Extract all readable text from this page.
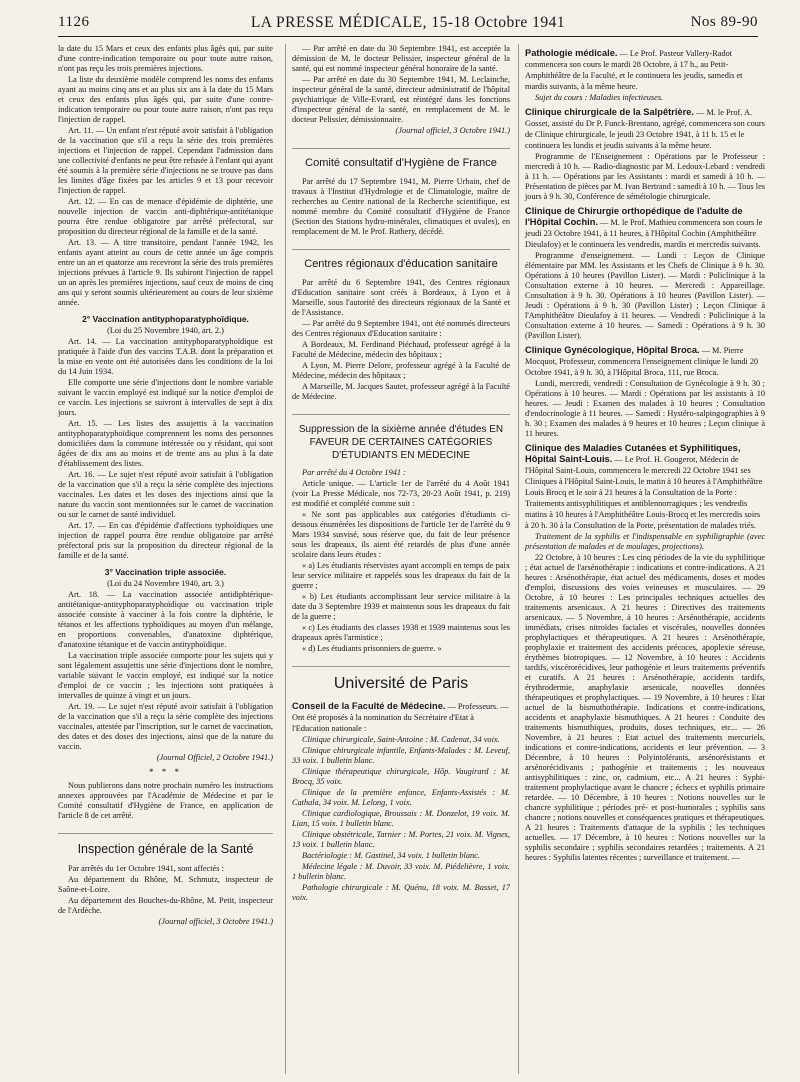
1126	LA PRESSE MÉDICALE, 15-18 Octobre 1941	Nos 89-90

la date du 15 Mars et ceux des enfants plus âgés qui, par suite d'une contre-indication temporaire ou pour toute autre raison, n'ont pas reçu les trois premières injections.

La liste du deuxième modèle comprend les noms des enfants ayant au moins cinq ans et au plus six ans à la date du 15 Mars et ceux des enfants plus âgés qui, par suite d'une contre-indication temporaire ou pour toute autre raison, n'ont pas reçu l'injection de rappel.

Art. 11. — Un enfant n'est réputé avoir satisfait à l'obligation de la vaccination que s'il a reçu la série des trois premières injections et l'injection de rappel. Cependant l'admission dans une collectivité d'enfants ne peut être refusée à l'enfant qui ayant été soumis à la première série d'injections ne se trouve pas dans les limites d'âge fixées par les articles 9 et 13 pour recevoir l'injection de rappel.

Art. 12. — En cas de menace d'épidémie de diphtérie, une nouvelle injection de vaccin anti-diphtérique-antitétanique pourra être rendue obligatoire par arrêté préfectoral, sur proposition du directeur régional de la famille et de la santé.

Art. 13. — A titre transitoire, pendant l'année 1942, les enfants ayant atteint au cours de cette année un âge compris entre un an et quatorze ans recevront la série des trois premières injections prévues à l'article 9. Ils subiront l'injection de rappel un an après les premières injections, sauf ceux de moins de cinq ans qui y seront soumis ultérieurement au cours de leur sixième année.

2° Vaccination antityphoparatyphoïdique.

(Loi du 25 Novembre 1940, art. 2.)

Art. 14. — La vaccination antityphoparatyphoïdique est pratiquée à l'aide d'un des vaccins T.A.B. dont la préparation et la mise en vente ont été autorisées dans les conditions de la loi du 14 Juin 1934.

Elle comporte une série d'injections dont le nombre variable suivant le vaccin employé est indiqué sur la notice d'emploi de ce vaccin. Les injections se suivront à intervalles de sept à dix jours.

Art. 15. — Les listes des assujettis à la vaccination antityphoparatyphoïdique comprennent les noms des personnes domiciliées dans la commune intéressée ou y résidant, qui sont âgées de dix ans au moins et de trente ans au plus à la date d'établissement des listes.

Art. 16. — Le sujet n'est réputé avoir satisfait à l'obligation de la vaccination que s'il a reçu la série complète des injections vaccinales. Les dates et les doses des injections ainsi que la nature du vaccin sont mentionnées sur le carnet de vaccination ou sur le carnet de santé individuel.

Art. 17. — En cas d'épidémie d'affections typhoïdiques une injection de rappel pourra être rendue obligatoire par arrêté préfectoral pris sur la proposition du directeur régional de la famille et de la santé.

3° Vaccination triple associée.

(Loi du 24 Novembre 1940, art. 3.)

Art. 18. — La vaccination associée antidiphtérique-antitétanique-antityphoparatyphoïdique ou vaccination triple associée consiste à vacciner à la fois contre la diphtérie, le tétanos et les affections typhoïdiques au moyen d'un mélange, en proportions convenables, d'anatoxine diphtérique, d'anatoxine tétanique et de vaccin antityphoïdique.

La vaccination triple associée comporte pour les sujets qui y sont légalement assujettis une série d'injections dont le nombre, variable suivant le vaccin employé, est indiqué sur la notice d'emploi de ce vaccin ; les injections sont pratiquées à intervalles de quinze à vingt et un jours.

Art. 19. — Le sujet n'est réputé avoir satisfait à l'obligation de la vaccination que s'il a reçu la série complète des injections vaccinales, attestée par l'inscription, sur le carnet de vaccination, des dates et des doses des injections, ainsi que de la nature du vaccin.

(Journal Officiel, 2 Octobre 1941.)

* * *

Nous publierons dans notre prochain numéro les instructions annexes approuvées par l'Académie de Médecine et par le Comité consultatif d'Hygiène de France, en application de l'article 8 de cet arrêté.

Inspection générale de la Santé

Par arrêtés du 1er Octobre 1941, sont affectés :

Au département du Rhône, M. Schmutz, inspecteur de Saône-et-Loire.

Au département des Bouches-du-Rhône, M. Petit, inspecteur de l'Ardèche.

(Journal officiel, 3 Octobre 1941.)

— Par arrêté en date du 30 Septembre 1941, est acceptée la démission de M. le docteur Pelissier, inspecteur général de la santé, qui est nommé inspecteur général honoraire de la santé.

— Par arrêté en date du 30 Septembre 1941, M. Leclainche, inspecteur général de la santé, directeur administratif de l'hôpital psychiatrique de Ville-Evrard, est réintégré dans les fonctions d'inspecteur général de la santé, en remplacement de M. le docteur Pelissier, démissionnaire.

(Journal officiel, 3 Octobre 1941.)

Comité consultatif d'Hygiène de France

Par arrêté du 17 Septembre 1941, M. Pierre Urbain, chef de travaux à l'Institut d'Hydrologie et de Climatologie, maître de recherches au Centre national de la Recherche scientifique, est nommé membre du Comité consultatif d'Hygiène de France (Section des Stations hydro-minérales, climatiques et uvales), en remplacement de M. le Prof. Rathery, décédé.

Centres régionaux d'éducation sanitaire

Par arrêté du 6 Septembre 1941, des Centres régionaux d'Education sanitaire sont créés à Bordeaux, à Lyon et à Marseille, sous l'autorité des directeurs régionaux de la Santé et de l'Assistance.

— Par arrêté du 9 Septembre 1941, ont été nommés directeurs des Centres régionaux d'Education sanitaire :

A Bordeaux, M. Ferdinand Piéchaud, professeur agrégé à la Faculté de Médecine, médecin des hôpitaux ;

A Lyon, M. Pierre Delore, professeur agrégé à la Faculté de Médecine, médecin des hôpitaux ;

A Marseille, M. Jacques Sautet, professeur agrégé à la Faculté de Médecine.

Suppression de la sixième année d'études EN FAVEUR DE CERTAINES CATÉGORIES D'ÉTUDIANTS EN MÉDECINE

Par arrêté du 4 Octobre 1941 :

Article unique. — L'article 1er de l'arrêté du 4 Août 1941 (voir La Presse Médicale, nos 72-73, 20-23 Août 1941, p. 219) est modifié et complété comme suit :

« Ne sont pas applicables aux catégories d'étudiants ci-dessous énumérées les dispositions de l'article 1er de l'arrêté du 9 Mars 1934 susvisé, sous réserve que, du fait de leur présence sous les drapeaux, ils aient été retardés de plus d'une année scolaire dans leurs études :

« a) Les étudiants réservistes ayant accompli en temps de paix leur service militaire et rappelés sous les drapeaux du fait de la guerre ;

« b) Les étudiants accomplissant leur service militaire à la date du 3 Septembre 1939 et maintenus sous les drapeaux du fait de la guerre ;

« c) Les étudiants des classes 1938 et 1939 maintenus sous les drapeaux après l'armistice ;

« d) Les étudiants prisonniers de guerre. »

Université de Paris
Conseil de la Faculté de Médecine. — Professeurs. — Ont été proposés à la nomination du Secrétaire d'Etat à l'Education nationale :

Clinique chirurgicale, Saint-Antoine : M. Cadenat, 34 voix.

Clinique chirurgicale infantile, Enfants-Malades : M. Leveuf, 33 voix. 1 bulletin blanc.

Clinique thérapeutique chirurgicale, Hôp. Vaugirard : M. Brocq, 35 voix.

Clinique de la première enfance, Enfants-Assistés : M. Cathala, 34 voix. M. Lelong, 1 voix.

Clinique cardiologique, Broussais : M. Donzelot, 19 voix. M. Lian, 15 voix. 1 bulletin blanc.

Clinique obstétricale, Tarnier : M. Portes, 21 voix. M. Vignes, 13 voix. 1 bulletin blanc.

Bactériologie : M. Gastinel, 34 voix. 1 bulletin blanc.

Médecine légale : M. Duvoir, 33 voix. M. Piédelièvre, 1 voix. 1 bulletin blanc.

Pathologie chirurgicale : M. Quénu, 18 voix. M. Basset, 17 voix.

Pathologie médicale. — Le Prof. Pasteur Vallery-Radot commencera son cours le mardi 28 Octobre, à 17 h., au Petit-Amphithéâtre de la Faculté, et le continuera les jeudis, samedis et mardis suivants, à la même heure.

Sujet du cours : Maladies infectieuses.

Clinique chirurgicale de la Salpêtrière. — M. le Prof. A. Gosset, assisté du Dr P. Funck-Brentano, agrégé, commencera son cours de Clinique chirurgicale, le jeudi 23 Octobre 1941, à 11 h. 15 et le continuera les lundis et jeudis suivants à la même heure.

Programme de l'Enseignement : Opérations par le Professeur : mercredi à 10 h. — Radio-diagnostic par M. Ledoux-Lebard : vendredi à 11 h. — Opérations par les Assistants : mardi et samedi à 10 h. — Présentation de pièces par M. Ivan Bertrand : samedi à 10 h. — Tous les jours à 9 h. 30, Conférence de séméiologie chirurgicale.

Clinique de Chirurgie orthopédique de l'adulte de l'Hôpital Cochin. — M. le Prof. Mathieu commencera son cours le jeudi 23 Octobre 1941, à 11 heures, à l'Hôpital Cochin (Amphithéâtre Dieulafoy) et le continuera les vendredis, mardis et mercredis suivants.

Programme d'enseignement. — Lundi : Leçon de Clinique élémentaire par MM. les Assistants et les Chefs de Clinique à 9 h. 30. Opérations à 10 heures (Pavillon Lister). — Mardi : Policlinique à la Consultation externe à 10 heures. — Mercredi : Appareillage. Consultation à 9 h. 30. Opérations à 10 heures (Pavillon Lister). — Jeudi : Opérations à 9 h. 30 (Pavillon Lister) ; Leçon Clinique à l'Amphithéâtre Dieulafoy à 11 heures. — Vendredi : Policlinique à la Consultation externe à 10 heures. — Samedi : Opérations à 9 h. 30 (Pavillon Lister).

Clinique Gynécologique, Hôpital Broca. — M. Pierre Mocquot, Professeur, commencera l'enseignement clinique le lundi 20 Octobre 1941, à 9 h. 30, à l'Hôpital Broca, 111, rue Broca.

Lundi, mercredi, vendredi : Consultation de Gynécologie à 9 h. 30 ; Opérations à 10 heures. — Mardi : Opérations par les assistants à 10 heures. — Jeudi : Examen des malades à 10 heures ; Consultation d'endocrinologie à 11 heures. — Samedi : Hystéro-salpingographies à 9 h. 30 ; Examen des malades à 9 heures et 10 heures ; Leçon clinique à 11 heures.

Clinique des Maladies Cutanées et Syphilitiques, Hôpital Saint-Louis. — Le Prof. H. Gougerot, Médecin de l'Hôpital Saint-Louis, commencera le mercredi 22 Octobre 1941 ses Cliniques à l'Hôpital Saint-Louis, le matin à 10 heures à l'Amphithéâtre Louis Brocq et le soir à 21 heures à la Consultation de la Porte : Traitements antisyphilitiques et antiblennorragiques ; les vendredis matins à 10 heures à l'Amphithéâtre Louis-Brocq et les mercredis soirs à 20 h. 30 à la Consultation de la Porte, présentation de malades triés.

Traitement de la syphilis et l'indispensable en syphiligraphie (avec présentation de malades et de moulages, projections).

22 Octobre, à 10 heures : Les cinq périodes de la vie du syphilitique ; état actuel de l'arsénothérapie : indications et contre-indications. A 21 heures : Arsénothérapie, état actuel des médicaments, doses et modes d'emploi, discussions des voies veineuses et musculaires. — 29 Octobre, à 10 heures : Les principales techniques actuelles des traitements arsenicaux. A 21 heures : Directives des traitements arsenicaux. — 5 Novembre, à 10 heures : Arsénothérapie, accidents immédiats, crises nitroïdes faciales et viscérales, nouvelles données prophylactiques et thérapeutiques. A 21 heures : Arsénothérapie, prophylaxie et traitement des accidents précoces, apoplexie séreuse, érythèmes biotropiques. — 12 Novembre, à 10 heures : Accidents tardifs, viscérorécidives, leur pathogénie et leurs traitements préventifs et curatifs. A 21 heures : Arsénothérapie, accidents tardifs, érythrodermie, anaphylaxie arsenicale, nouvelles données thérapeutiques et prophylactiques. — 19 Novembre, à 10 heures : Etat actuel de la bismuthothérapie. Indications et contre-indications, accidents et anaphylaxie bismuthiques. A 21 heures : Conduite des traitements bismuthiques, produits, doses techniques, etc... — 26 Novembre, à 21 heures : Etat actuel des traitements mercuriels, indications et contre-indications, accidents et leur prévention. — 3 Décembre, à 10 heures : Polyintolérants, arsénorésistants et arsénorécidivants ; pathogénie et traitements ; les nouveaux antisyphilitiques : zinc, or, cadmium, etc... A 21 heures : Syphi-traitement prophylactique avant le chancre ; échecs et syphilis primaire retardée. — 10 Décembre, à 10 heures : Notions nouvelles sur le chancre syphilitique ; périodes pré- et post-humorales ; syphilis sans chancre ; notions nouvelles et conséquences pratiques et thérapeutiques. A 21 heures : Traitements d'attaque de la syphilis ; les techniques actuelles. — 17 Décembre, à 10 heures : Notions nouvelles sur la syphilis secondaire ; syphilis secondaires retardées ; traitements. A 21 heures : Syphilis latentes récentes ; surveillance et traitement. —
